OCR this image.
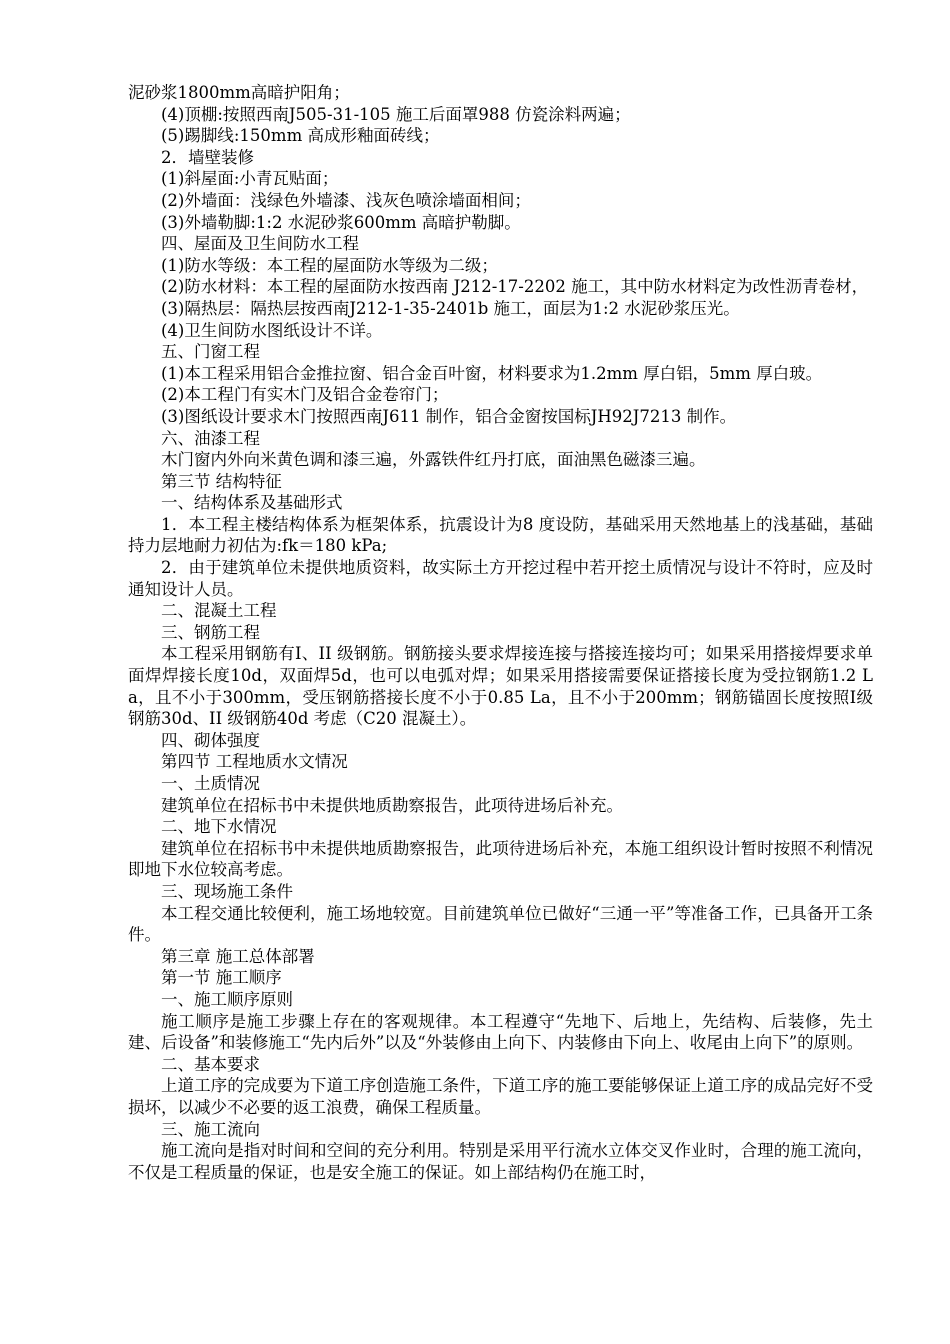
泥砂浆1800mm高暗护阳角；

(4)顶棚:按照西南J505-31-105 施工后面罩988 仿瓷涂料两遍；

(5)踢脚线:150mm 高成形釉面砖线；

2．墙壁装修

(1)斜屋面:小青瓦贴面；

(2)外墙面：浅绿色外墙漆、浅灰色喷涂墙面相间；

(3)外墙勒脚:1:2 水泥砂浆600mm 高暗护勒脚。

四、屋面及卫生间防水工程

(1)防水等级：本工程的屋面防水等级为二级；

(2)防水材料：本工程的屋面防水按西南 J212-17-2202 施工，其中防水材料定为改性沥青卷材，

(3)隔热层：隔热层按西南J212-1-35-2401b 施工，面层为1:2 水泥砂浆压光。

(4)卫生间防水图纸设计不详。

五、门窗工程

(1)本工程采用铝合金推拉窗、铝合金百叶窗，材料要求为1.2mm 厚白铝，5mm 厚白玻。

(2)本工程门有实木门及铝合金卷帘门；

(3)图纸设计要求木门按照西南J611 制作，铝合金窗按国标JH92J7213 制作。

六、油漆工程

木门窗内外向米黄色调和漆三遍，外露铁件红丹打底，面油黑色磁漆三遍。

第三节 结构特征

一、结构体系及基础形式

1．本工程主楼结构体系为框架体系，抗震设计为8 度设防，基础采用天然地基上的浅基础，基础持力层地耐力初估为:fk＝180 kPa;

2．由于建筑单位未提供地质资料，故实际土方开挖过程中若开挖土质情况与设计不符时，应及时通知设计人员。

二、混凝土工程

三、钢筋工程

本工程采用钢筋有Ⅰ、II 级钢筋。钢筋接头要求焊接连接与搭接连接均可；如果采用搭接焊要求单面焊焊接长度10d，双面焊5d，也可以电弧对焊；如果采用搭接需要保证搭接长度为受拉钢筋1.2 La，且不小于300mm，受压钢筋搭接长度不小于0.85 La，且不小于200mm；钢筋锚固长度按照Ⅰ级钢筋30d、II 级钢筋40d 考虑（C20 混凝土）。

四、砌体强度

第四节 工程地质水文情况

一、土质情况

建筑单位在招标书中未提供地质勘察报告，此项待进场后补充。

二、地下水情况

建筑单位在招标书中未提供地质勘察报告，此项待进场后补充，本施工组织设计暂时按照不利情况即地下水位较高考虑。

三、现场施工条件

本工程交通比较便利，施工场地较宽。目前建筑单位已做好“三通一平”等准备工作，已具备开工条件。

第三章 施工总体部署

第一节 施工顺序

一、施工顺序原则

施工顺序是施工步骤上存在的客观规律。本工程遵守“先地下、后地上，先结构、后装修，先土建、后设备”和装修施工“先内后外”以及“外装修由上向下、内装修由下向上、收尾由上向下”的原则。

二、基本要求

上道工序的完成要为下道工序创造施工条件，下道工序的施工要能够保证上道工序的成品完好不受损坏，以减少不必要的返工浪费，确保工程质量。

三、施工流向

施工流向是指对时间和空间的充分利用。特别是采用平行流水立体交叉作业时，合理的施工流向，不仅是工程质量的保证，也是安全施工的保证。如上部结构仍在施工时，
